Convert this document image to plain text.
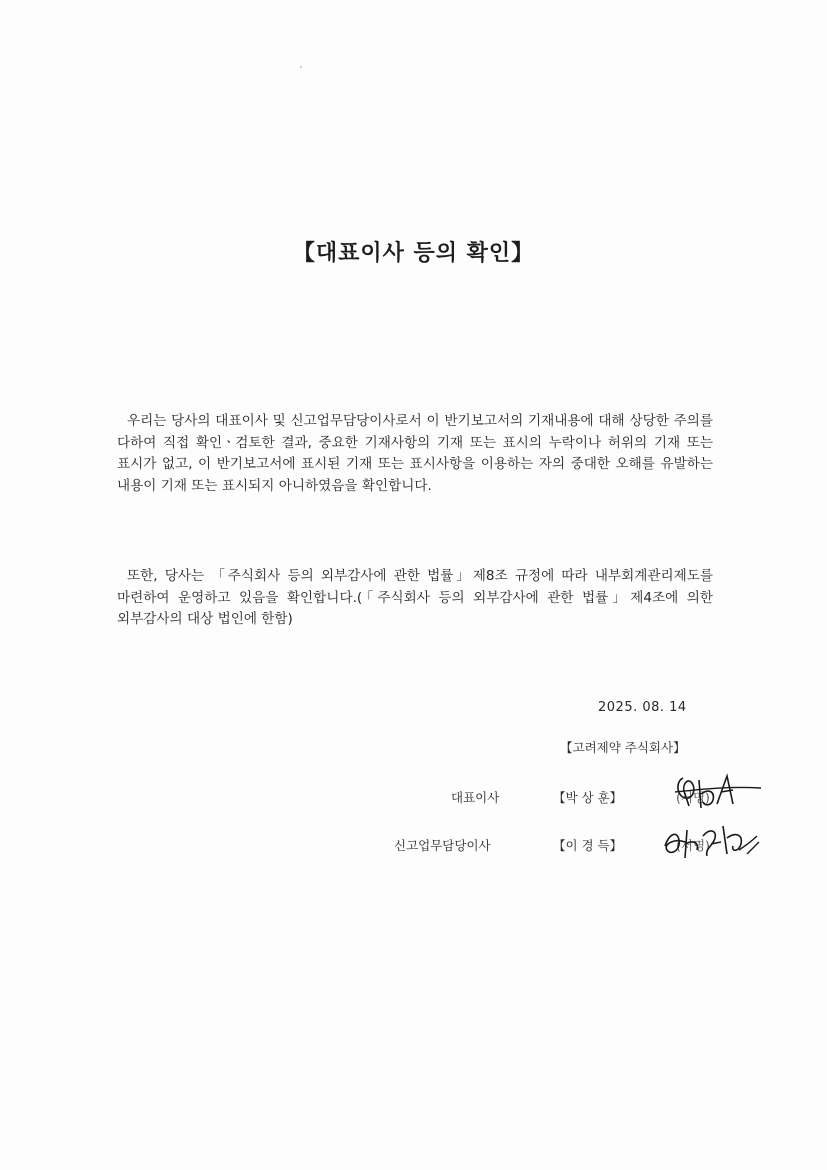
【대표이사 등의 확인】
우리는 당사의 대표이사 및 신고업무담당이사로서 이 반기보고서의 기재내용에 대해 상당한 주의를 다하여 직접 확인ㆍ검토한 결과, 중요한 기재사항의 기재 또는 표시의 누락이나 허위의 기재 또는 표시가 없고, 이 반기보고서에 표시된 기재 또는 표시사항을 이용하는 자의 중대한 오해를 유발하는 내용이 기재 또는 표시되지 아니하였음을 확인합니다.
또한, 당사는 「주식회사 등의 외부감사에 관한 법률」제8조 규정에 따라 내부회계관리제도를 마련하여 운영하고 있음을 확인합니다.(「주식회사 등의 외부감사에 관한 법률」제4조에 의한 외부감사의 대상 법인에 한함)
2025. 08. 14
【고려제약 주식회사】
대표이사	【박 상 훈】	(서명)
신고업무담당이사	【이 경 득】	(서명)
